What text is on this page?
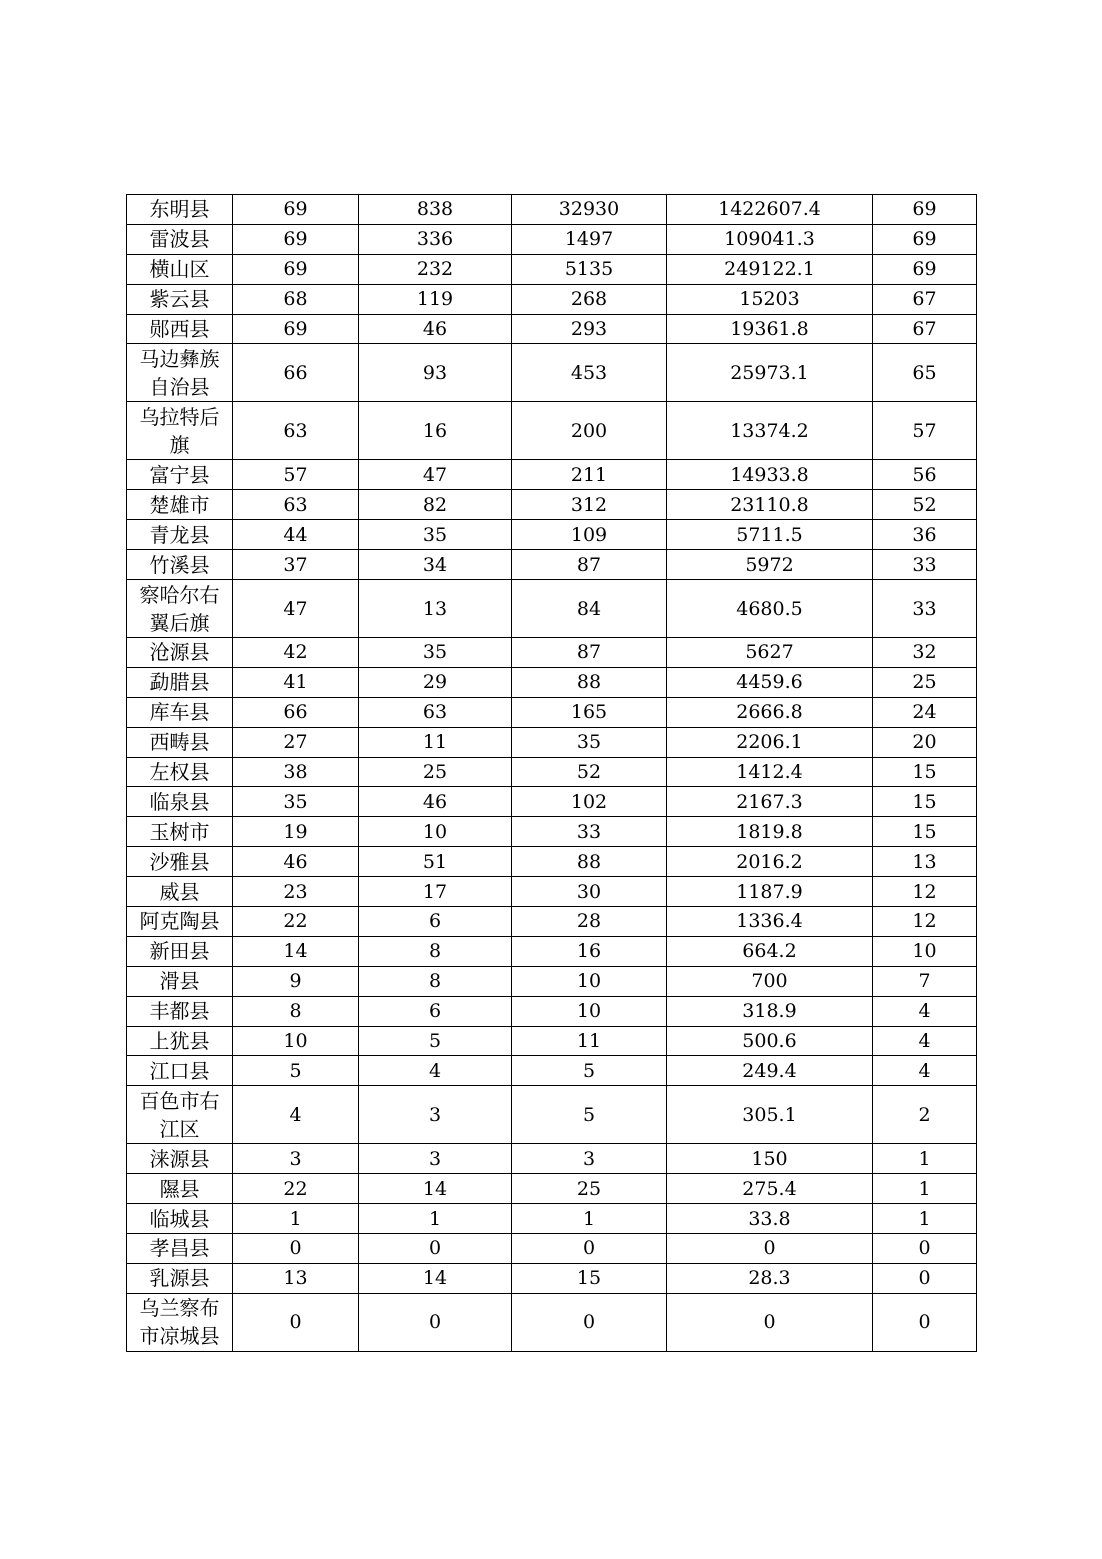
东明县	69	838	32930	1422607.4	69
雷波县	69	336	1497	109041.3	69
横山区	69	232	5135	249122.1	69
紫云县	68	119	268	15203	67
郧西县	69	46	293	19361.8	67
马边彝族自治县	66	93	453	25973.1	65
乌拉特后旗	63	16	200	13374.2	57
富宁县	57	47	211	14933.8	56
楚雄市	63	82	312	23110.8	52
青龙县	44	35	109	5711.5	36
竹溪县	37	34	87	5972	33
察哈尔右翼后旗	47	13	84	4680.5	33
沧源县	42	35	87	5627	32
勐腊县	41	29	88	4459.6	25
库车县	66	63	165	2666.8	24
西畴县	27	11	35	2206.1	20
左权县	38	25	52	1412.4	15
临泉县	35	46	102	2167.3	15
玉树市	19	10	33	1819.8	15
沙雅县	46	51	88	2016.2	13
威县	23	17	30	1187.9	12
阿克陶县	22	6	28	1336.4	12
新田县	14	8	16	664.2	10
滑县	9	8	10	700	7
丰都县	8	6	10	318.9	4
上犹县	10	5	11	500.6	4
江口县	5	4	5	249.4	4
百色市右江区	4	3	5	305.1	2
涞源县	3	3	3	150	1
隰县	22	14	25	275.4	1
临城县	1	1	1	33.8	1
孝昌县	0	0	0	0	0
乳源县	13	14	15	28.3	0
乌兰察布市凉城县	0	0	0	0	0
